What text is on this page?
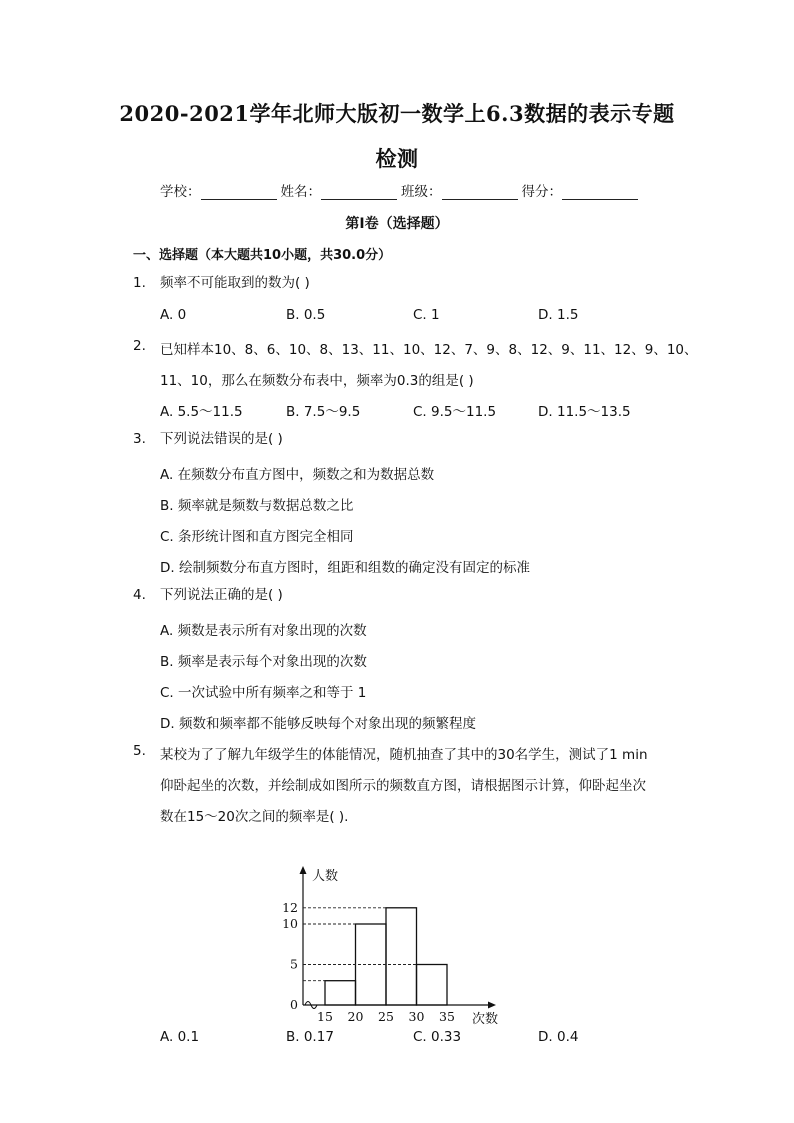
2020-2021学年北师大版初一数学上6.3数据的表示专题
检测
学校：	姓名：	班级：	得分：
第I卷（选择题）
一、选择题（本大题共10小题，共30.0分）
1. 频率不可能取到的数为( )
A. 0	B. 0.5	C. 1	D. 1.5
2. 已知样本10、8、6、10、8、13、11、10、12、7、9、8、12、9、11、12、9、10、
11、10，那么在频数分布表中，频率为0.3的组是( )
A. 5.5～11.5	B. 7.5～9.5	C. 9.5～11.5	D. 11.5～13.5
3. 下列说法错误的是( )
A. 在频数分布直方图中，频数之和为数据总数
B. 频率就是频数与数据总数之比
C. 条形统计图和直方图完全相同
D. 绘制频数分布直方图时，组距和组数的确定没有固定的标准
4. 下列说法正确的是( )
A. 频数是表示所有对象出现的次数
B. 频率是表示每个对象出现的次数
C. 一次试验中所有频率之和等于 1
D. 频数和频率都不能够反映每个对象出现的频繁程度
5. 某校为了了解九年级学生的体能情况，随机抽查了其中的30名学生，测试了1 min
仰卧起坐的次数，并绘制成如图所示的频数直方图，请根据图示计算，仰卧起坐次
数在15～20次之间的频率是( ).
0
5
10
12
15 20 25 30 35
人数
次数
A. 0.1	B. 0.17	C. 0.33	D. 0.4
